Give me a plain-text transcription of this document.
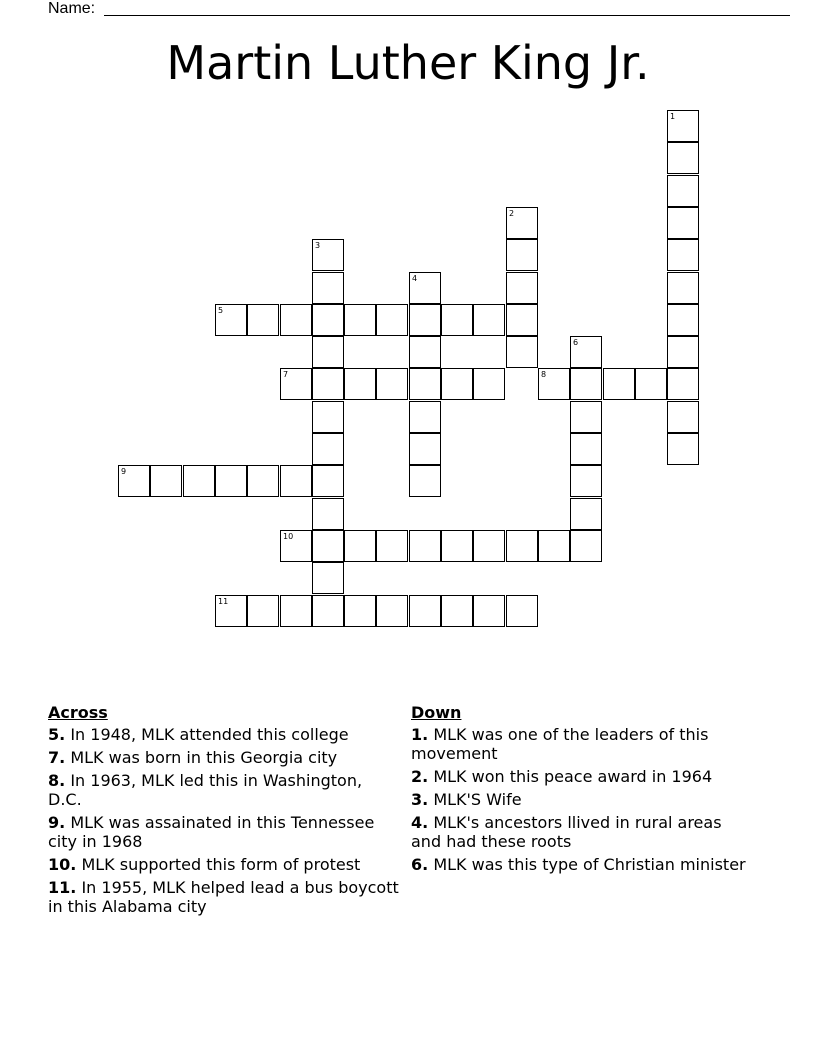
Name:
Martin Luther King Jr.
1
2
3
4
5
6
7	8
9
10
11
Across
5. In 1948, MLK attended this college
7. MLK was born in this Georgia city
8. In 1963, MLK led this in Washington, D.C.
9. MLK was assainated in this Tennessee city in 1968
10. MLK supported this form of protest
11. In 1955, MLK helped lead a bus boycott in this Alabama city
Down
1. MLK was one of the leaders of this movement
2. MLK won this peace award in 1964
3. MLK'S Wife
4. MLK's ancestors llived in rural areas and had these roots
6. MLK was this type of Christian minister
